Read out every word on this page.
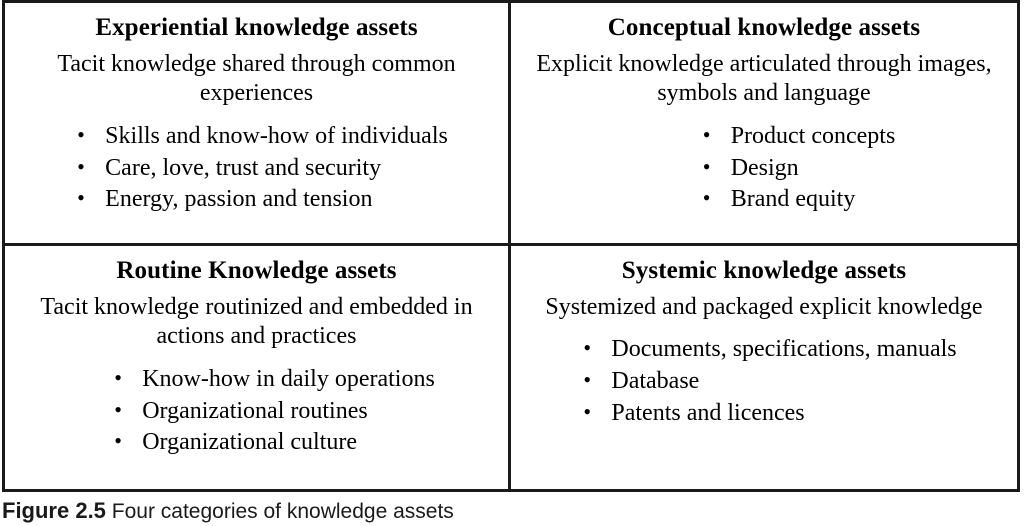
Experiential knowledge assets
Tacit knowledge shared through common experiences
• Skills and know-how of individuals
• Care, love, trust and security
• Energy, passion and tension
Conceptual knowledge assets
Explicit knowledge articulated through images, symbols and language
• Product concepts
• Design
• Brand equity
Routine Knowledge assets
Tacit knowledge routinized and embedded in actions and practices
• Know-how in daily operations
• Organizational routines
• Organizational culture
Systemic knowledge assets
Systemized and packaged explicit knowledge
• Documents, specifications, manuals
• Database
• Patents and licences
Figure 2.5 Four categories of knowledge assets
